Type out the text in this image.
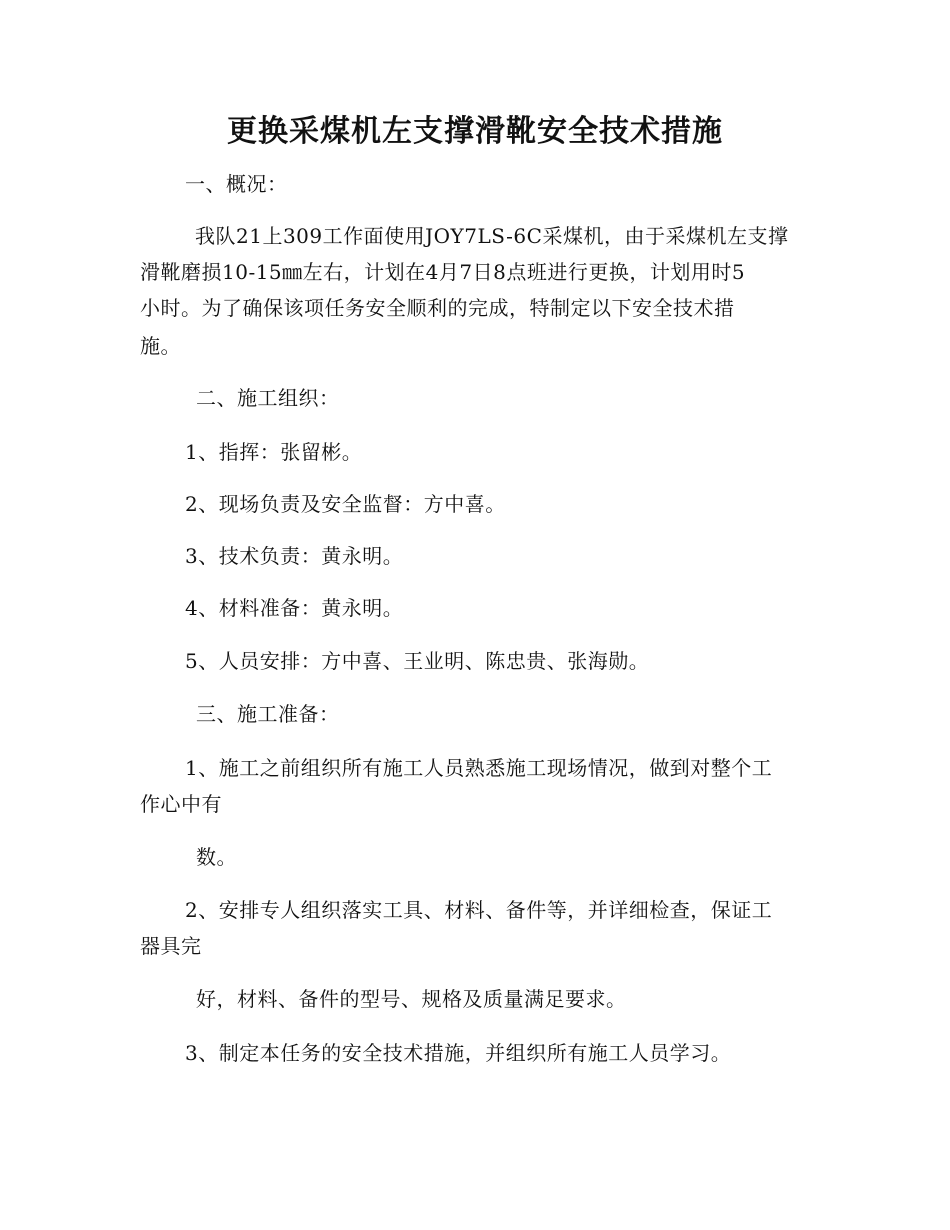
更换采煤机左支撑滑靴安全技术措施
一、概况：
我队21上309工作面使用JOY7LS-6C采煤机，由于采煤机左支撑
滑靴磨损10-15㎜左右，计划在4月7日8点班进行更换，计划用时5
小时。为了确保该项任务安全顺利的完成，特制定以下安全技术措
施。
二、施工组织：
1、指挥：张留彬。
2、现场负责及安全监督：方中喜。
3、技术负责：黄永明。
4、材料准备：黄永明。
5、人员安排：方中喜、王业明、陈忠贵、张海勋。
三、施工准备：
1、施工之前组织所有施工人员熟悉施工现场情况，做到对整个工
作心中有
数。
2、安排专人组织落实工具、材料、备件等，并详细检查，保证工
器具完
好，材料、备件的型号、规格及质量满足要求。
3、制定本任务的安全技术措施，并组织所有施工人员学习。
